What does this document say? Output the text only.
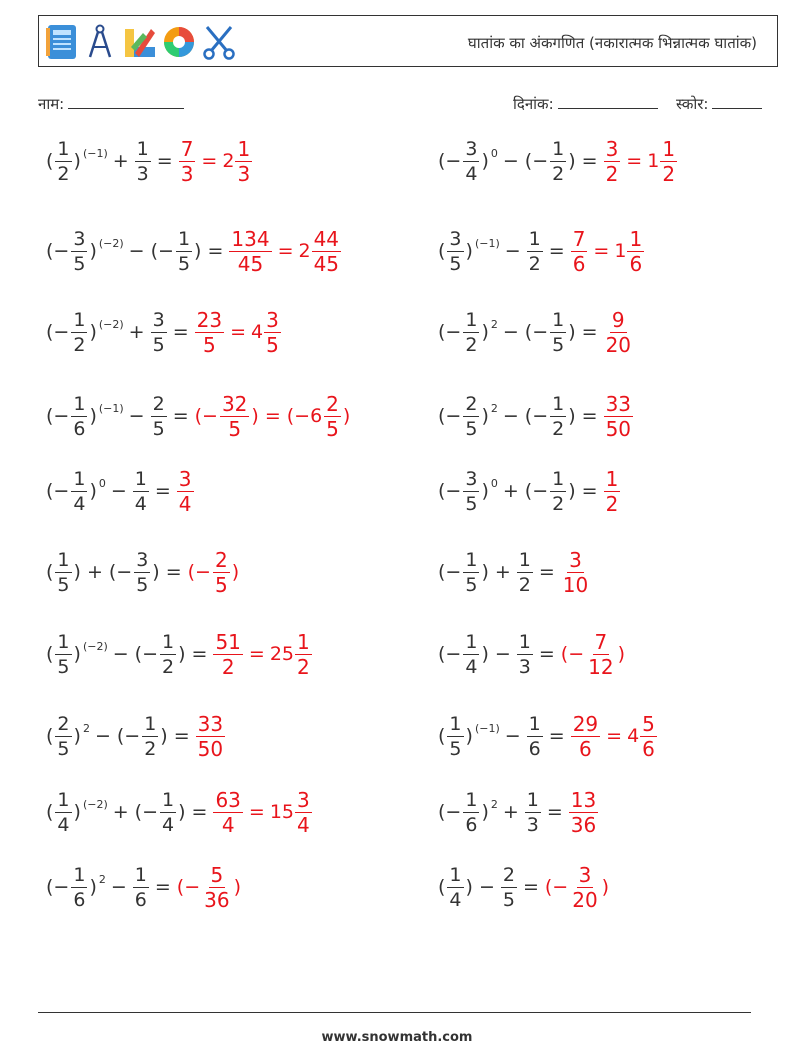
घातांक का अंकगणित (नकारात्मक भिन्नात्मक घातांक)
नाम:	दिनांक:	स्कोर:
( $\frac{1}{2}$ ) $(-1) + \frac{1}{3} = \frac{7}{3} = 2 \frac{1}{3}$	(− $\frac{3}{4}$ ) 0 − (− $\frac{1}{2}$ ) = $\frac{3}{2} = 1 \frac{1}{2}$
(− $\frac{3}{5}$ ) (−2) − (− $\frac{1}{5}$ ) = $\frac{134}{45} = 2 \frac{44}{45}$	( $\frac{3}{5}$ ) $(-1) - \frac{1}{2} = \frac{7}{6} = 1 \frac{1}{6}$
(− $\frac{1}{2}$ ) $(-2) + \frac{3}{5} = \frac{23}{5} = 4 \frac{3}{5}$	(− $\frac{1}{2}$ ) 2 − (− $\frac{1}{5}$ ) = $\frac{9}{20}$
(− $\frac{1}{6}$ ) $(-1) - \frac{2}{5}$ = (− $\frac{32}{5}$ ) = ($-6 \frac{2}{5}$ )	(− $\frac{2}{5}$ ) 2 − (− $\frac{1}{2}$ ) = $\frac{33}{50}$
(− $\frac{1}{4}$ ) $0 - \frac{1}{4} = \frac{3}{4}$	(− $\frac{3}{5}$ ) 0 + (− $\frac{1}{2}$ ) = $\frac{1}{2}$
( $\frac{1}{5}$ ) + (− $\frac{3}{5}$ ) = (− $\frac{2}{5}$ )	(− $\frac{1}{5}$ ) + $\frac{1}{2} = \frac{3}{10}$
( $\frac{1}{5}$ ) (−2) − (− $\frac{1}{2}$ ) = $\frac{51}{2} = 25 \frac{1}{2}$	(− $\frac{1}{4}$ ) − $\frac{1}{3}$ = (− $\frac{7}{12}$ )
( $\frac{2}{5}$ ) 2 − (− $\frac{1}{2}$ ) = $\frac{33}{50}$	( $\frac{1}{5}$ ) $(-1) - \frac{1}{6} = \frac{29}{6} = 4 \frac{5}{6}$
( $\frac{1}{4}$ ) (−2) + (− $\frac{1}{4}$ ) = $\frac{63}{4} = 15 \frac{3}{4}$	(− $\frac{1}{6}$ ) $2 + \frac{1}{3} = \frac{13}{36}$
(− $\frac{1}{6}$ ) $2 - \frac{1}{6}$ = (− $\frac{5}{36}$ )	( $\frac{1}{4}$ ) − $\frac{2}{5}$ = (− $\frac{3}{20}$ )
www.snowmath.com
